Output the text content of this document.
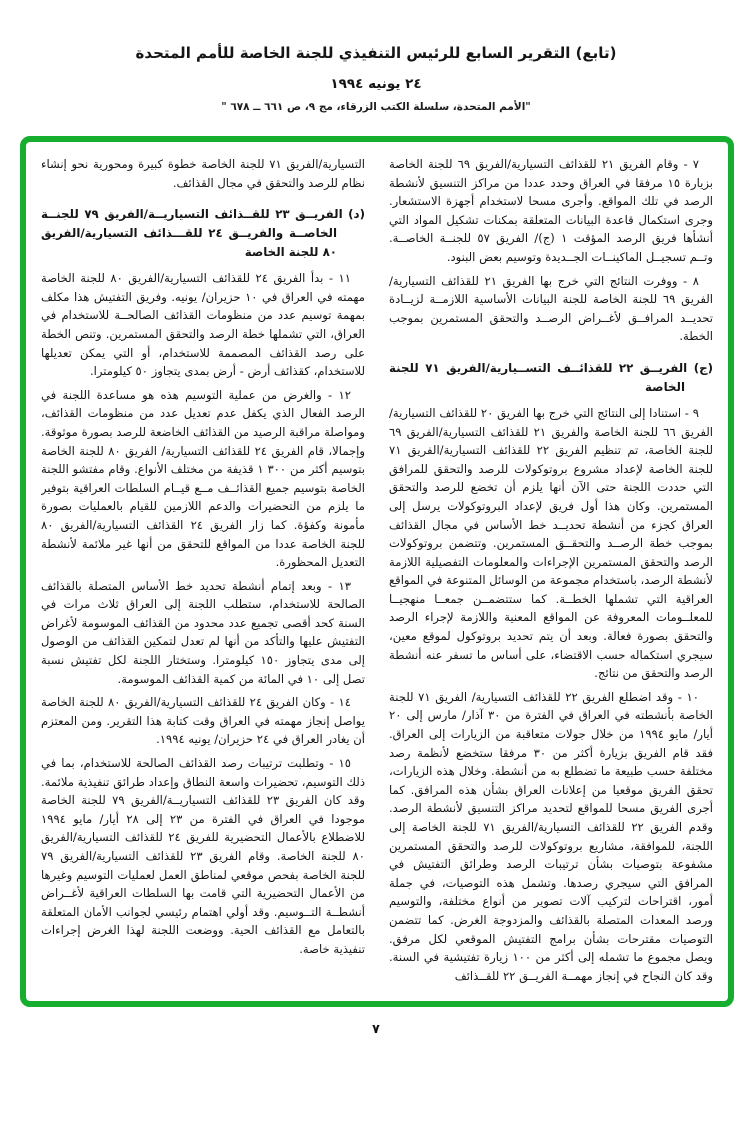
(تابع) التقرير السابع للرئيس التنفيذي للجنة الخاصة للأمم المتحدة
٢٤ يونيه ١٩٩٤
"الأمم المتحدة، سلسلة الكتب الزرقاء، مج ٩، ص ٦٦١ ــ ٦٧٨ "

٧ - وقام الفريق ٢١ للقذائف التسيارية/الفريق ٦٩ للجنة الخاصة بزيارة ١٥ مرفقا في العراق وحدد عددا من مراكز التنسيق لأنشطة الرصد في تلك المواقع. وأجرى مسحا لاستخدام أجهزة الاستشعار. وجرى استكمال قاعدة البيانات المتعلقة بمكنات تشكيل المواد التي أنشأها فريق الرصد المؤقت ١ (ج)/ الفريق ٥٧ للجنــة الخاصــة. وتــم تسجيــل الماكينــات الجــديدة وتوسيم بعض البنود.

٨ - ووفرت النتائج التي خرج بها الفريق ٢١ للقذائف التسيارية/الفريق ٦٩ للجنة الخاصة للجنة البيانات الأساسية اللازمــة لزيــادة تحديــد المرافــق لأغــراض الرصــد والتحقق المستمرين بموجب الخطة.

(ج) الفريــق ٢٢ للقذائــف التســيارية/الفريق ٧١ للجنة الخاصة

٩ - استنادا إلى النتائج التي خرج بها الفريق ٢٠ للقذائف التسيارية/الفريق ٦٦ للجنة الخاصة والفريق ٢١ للقذائف التسيارية/الفريق ٦٩ للجنة الخاصة، تم تنظيم الفريق ٢٢ للقذائف التسيارية/الفريق ٧١ للجنة الخاصة لإعداد مشروع بروتوكولات للرصد والتحقق للمرافق التي حددت اللجنة حتى الآن أنها يلزم أن تخضع للرصد والتحقق المستمرين. وكان هذا أول فريق لإعداد البروتوكولات يرسل إلى العراق كجزء من أنشطة تحديــد خط الأساس في مجال القذائف بموجب خطة الرصــد والتحقــق المستمرين. وتتضمن بروتوكولات الرصد والتحقق المستمرين الإجراءات والمعلومات التفصيلية اللازمة لأنشطة الرصد، باستخدام مجموعة من الوسائل المتنوعة في المواقع العراقية التي تشملها الخطــة. كما ستتضمــن جمعــا منهجيــا للمعلــومات المعروفة عن المواقع المعنية واللازمة لإجراء الرصد والتحقق بصورة فعالة. وبعد أن يتم تحديد بروتوكول لموقع معين، سيجري استكماله حسب الاقتضاء، على أساس ما تسفر عنه أنشطة الرصد والتحقق من نتائج.

١٠ - وقد اضطلع الفريق ٢٢ للقذائف التسيارية/ الفريق ٧١ للجنة الخاصة بأنشطته في العراق في الفترة من ٣٠ آذار/ مارس إلى ٢٠ أيار/ مايو ١٩٩٤ من خلال جولات متعاقبة من الزيارات إلى العراق. فقد قام الفريق بزيارة أكثر من ٣٠ مرفقا ستخضع لأنظمة رصد مختلفة حسب طبيعة ما تضطلع به من أنشطة. وخلال هذه الزيارات، تحقق الفريق موقعيا من إعلانات العراق بشأن هذه المرافق. كما أجرى الفريق مسحا للمواقع لتحديد مراكز التنسيق لأنشطة الرصد. وقدم الفريق ٢٢ للقذائف التسيارية/الفريق ٧١ للجنة الخاصة إلى اللجنة، للموافقة، مشاريع بروتوكولات للرصد والتحقق المستمرين مشفوعة بتوصيات بشأن ترتيبات الرصد وطرائق التفتيش في المرافق التي سيجري رصدها. وتشمل هذه التوصيات، في جملة أمور، اقتراحات لتركيب آلات تصوير من أنواع مختلفة، والتوسيم ورصد المعدات المتصلة بالقذائف والمزدوجة الغرض. كما تتضمن التوصيات مقترحات بشأن برامج التفتيش الموقعي لكل مرفق. ويصل مجموع ما تشمله إلى أكثر من ١٠٠ زيارة تفتيشية في السنة. وقد كان النجاح في إنجاز مهمــة الفريــق ٢٢ للقــذائف

التسيارية/الفريق ٧١ للجنة الخاصة خطوة كبيرة ومحورية نحو إنشاء نظام للرصد والتحقق في مجال القذائف.

(د) الفريــق ٢٣ للقــذائف التسياريــة/الفريق ٧٩ للجنــة الخاصــة والفريــق ٢٤ للقـــذائف التسيارية/الفريق ٨٠ للجنة الخاصة

١١ - بدأ الفريق ٢٤ للقذائف التسيارية/الفريق ٨٠ للجنة الخاصة مهمته في العراق في ١٠ حزيران/ يونيه. وفريق التفتيش هذا مكلف بمهمة توسيم عدد من منظومات القذائف الصالحــة للاستخدام في العراق، التي تشملها خطة الرصد والتحقق المستمرين. وتنص الخطة على رصد القذائف المصممة للاستخدام، أو التي يمكن تعديلها للاستخدام، كقذائف أرض - أرض بمدى يتجاوز ٥٠ كيلومترا.

١٢ - والغرض من عملية التوسيم هذه هو مساعدة اللجنة في الرصد الفعال الذي يكفل عدم تعديل عدد من منظومات القذائف، ومواصلة مراقبة الرصيد من القذائف الخاضعة للرصد بصورة موثوقة. وإجمالا، قام الفريق ٢٤ للقذائف التسيارية/ الفريق ٨٠ للجنة الخاصة بتوسيم أكثر من ٣٠٠ ١ قذيفة من مختلف الأنواع. وقام مفتشو اللجنة الخاصة بتوسيم جميع القذائــف مــع قيــام السلطات العراقية بتوفير ما يلزم من التحضيرات والدعم اللازمين للقيام بالعمليات بصورة مأمونة وكفؤة. كما زار الفريق ٢٤ القذائف التسيارية/الفريق ٨٠ للجنة الخاصة عددا من المواقع للتحقق من أنها غير ملائمة لأنشطة التعديل المحظورة.

١٣ - وبعد إتمام أنشطة تحديد خط الأساس المتصلة بالقذائف الصالحة للاستخدام، ستطلب اللجنة إلى العراق ثلاث مرات في السنة كحد أقصى تجميع عدد محدود من القذائف الموسومة لأغراض التفتيش عليها والتأكد من أنها لم تعدل لتمكين القذائف من الوصول إلى مدى يتجاوز ١٥٠ كيلومترا. وستختار اللجنة لكل تفتيش نسبة تصل إلى ١٠ في المائة من كمية القذائف الموسومة.

١٤ - وكان الفريق ٢٤ للقذائف التسيارية/الفريق ٨٠ للجنة الخاصة يواصل إنجاز مهمته في العراق وقت كتابة هذا التقرير. ومن المعتزم أن يغادر العراق في ٢٤ حزيران/ يونيه ١٩٩٤.

١٥ - وتطلبت ترتيبات رصد القذائف الصالحة للاستخدام، بما في ذلك التوسيم، تحضيرات واسعة النطاق وإعداد طرائق تنفيذية ملائمة. وقد كان الفريق ٢٣ للقذائف التسياريــة/الفريق ٧٩ للجنة الخاصة موجودا في العراق في الفترة من ٢٣ إلى ٢٨ أيار/ مايو ١٩٩٤ للاضطلاع بالأعمال التحضيرية للفريق ٢٤ للقذائف التسيارية/الفريق ٨٠ للجنة الخاصة. وقام الفريق ٢٣ للقذائف التسيارية/الفريق ٧٩ للجنة الخاصة بفحص موقعي لمناطق العمل لعمليات التوسيم وغيرها من الأعمال التحضيرية التي قامت بها السلطات العراقية لأغــراض أنشطــة التــوسيم. وقد أولي اهتمام رئيسي لجوانب الأمان المتعلقة بالتعامل مع القذائف الحية. ووضعت اللجنة لهذا الغرض إجراءات تنفيذية خاصة.

٧
